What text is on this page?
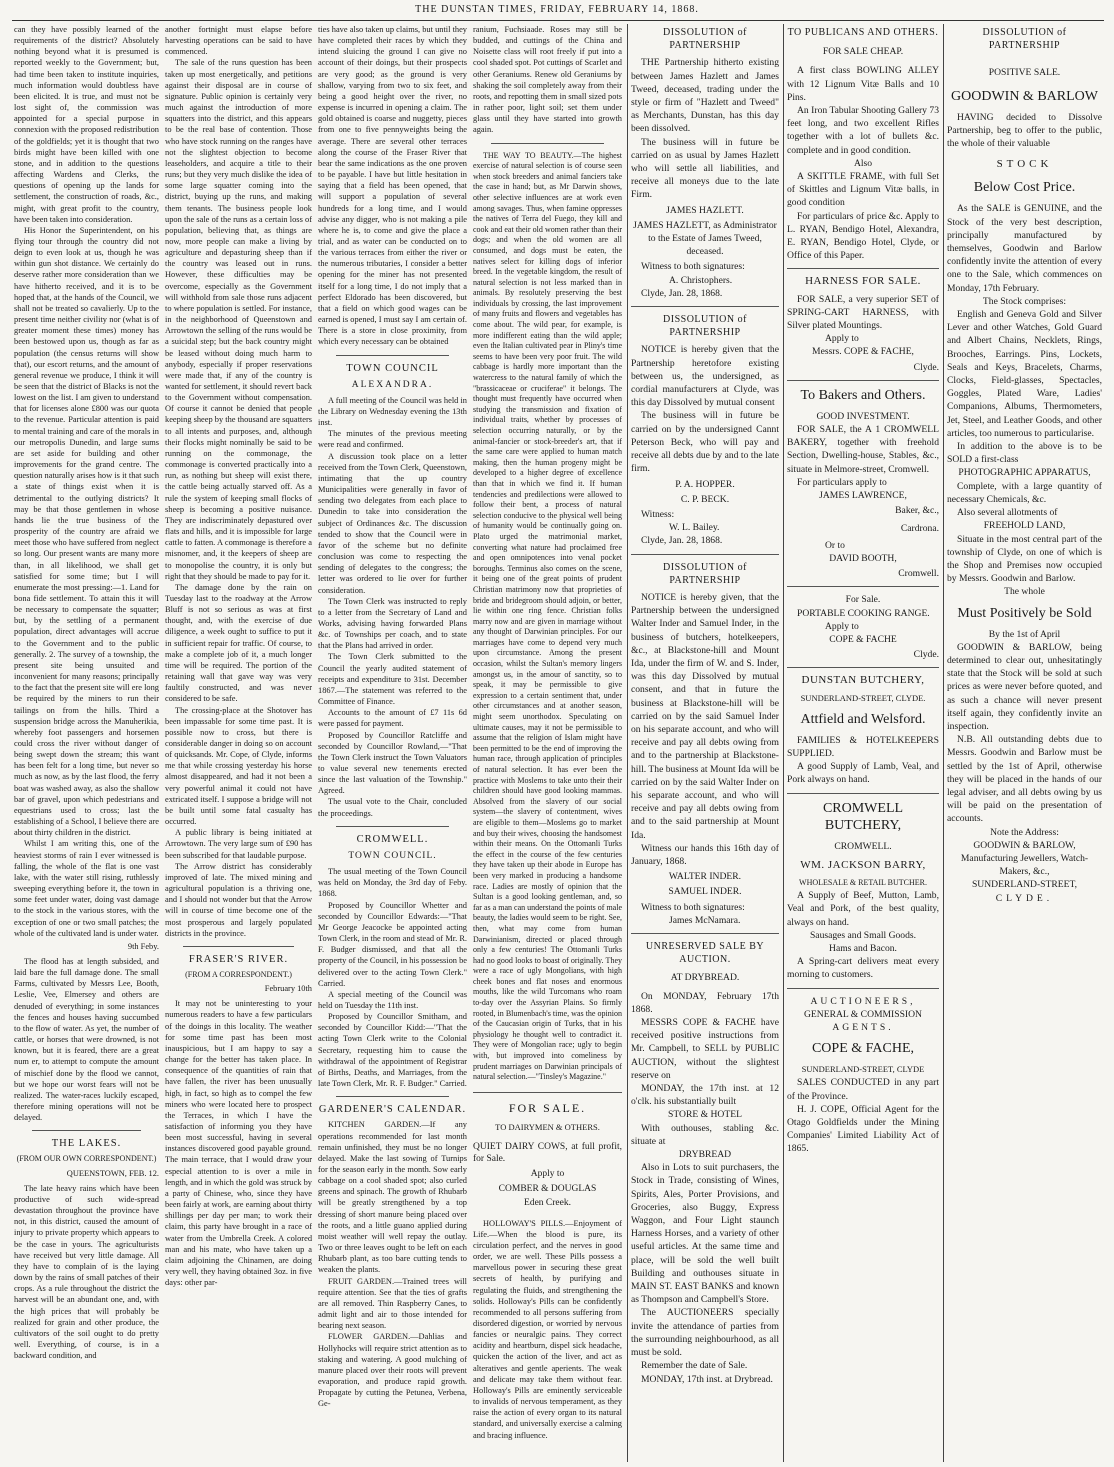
THE DUNSTAN TIMES, FRIDAY, FEBRUARY 14, 1868.

can they have possibly learned of the requirements of the district? Absolutely nothing beyond what it is presumed is reported weekly to the Government; but, had time been taken to institute inquiries, much information would doubtless have been elicited. It is true, and must not be lost sight of, the commission was appointed for a special purpose in connexion with the proposed redistribution of the goldfields; yet it is thought that two birds might have been killed with one stone, and in addition to the questions affecting Wardens and Clerks, the questions of opening up the lands for settlement, the construction of roads, &c., might, with great profit to the country, have been taken into consideration.

His Honor the Superintendent, on his flying tour through the country did not deign to even look at us, though he was within gun shot distance. We certainly do deserve rather more consideration than we have hitherto received, and it is to be hoped that, at the hands of the Council, we shall not be treated so cavalierly. Up to the present time neither civility nor (what is of greater moment these times) money has been bestowed upon us, though as far as population (the census returns will show that), our escort returns, and the amount of general revenue we produce, I think it will be seen that the district of Blacks is not the lowest on the list. I am given to understand that for licenses alone £800 was our quota to the revenue. Particular attention is paid to mental training and care of the morals in our metropolis Dunedin, and large sums are set aside for building and other improvements for the grand centre. The question naturally arises how is it that such a state of things exist when it is detrimental to the outlying districts? It may be that those gentlemen in whose hands lie the true business of the prosperity of the country are afraid we meet those who have suffered from neglect so long. Our present wants are many more than, in all likelihood, we shall get satisfied for some time; but I will enumerate the most pressing:—1. Land for bona fide settlement. To attain this it will be necessary to compensate the squatter; but, by the settling of a permanent population, direct advantages will accrue to the Government and to the public generally. 2. The survey of a township, the present site being unsuited and inconvenient for many reasons; principally to the fact that the present site will ere long be required by the miners to run their tailings on from the hills. Third a suspension bridge across the Manuherikia, whereby foot passengers and horsemen could cross the river without danger of being swept down the stream; this want has been felt for a long time, but never so much as now, as by the last flood, the ferry boat was washed away, as also the shallow bar of gravel, upon which pedestrians and equestrians used to cross; last the establishing of a School, I believe there are about thirty children in the district.

Whilst I am writing this, one of the heaviest storms of rain I ever witnessed is falling, the whole of the flat is one vast lake, with the water still rising, ruthlessly sweeping everything before it, the town in some feet under water, doing vast damage to the stock in the various stores, with the exception of one or two small patches; the whole of the cultivated land is under water.

9th Feby.

The flood has at length subsided, and laid bare the full damage done. The small Farms, cultivated by Messrs Lee, Booth, Leslie, Vee, Elmersey and others are denuded of everything; in some instances the fences and houses having succumbed to the flow of water. As yet, the number of cattle, or horses that were drowned, is not known, but it is feared, there are a great num er, to attempt to compute the amount of mischief done by the flood we cannot, but we hope our worst fears will not be realized. The water-races luckily escaped, therefore mining operations will not be delayed.

THE LAKES.
(FROM OUR OWN CORRESPONDENT.)
QUEENSTOWN, FEB. 12.

The late heavy rains which have been productive of such wide-spread devastation throughout the province have not, in this district, caused the amount of injury to private property which appears to be the case in yours. The agriculturists have received but very little damage. All they have to complain of is the laying down by the rains of small patches of their crops. As a rule throughout the district the harvest will be an abundant one, and, with the high prices that will probably be realized for grain and other produce, the cultivators of the soil ought to do pretty well. Everything, of course, is in a backward condition, and

another fortnight must elapse before harvesting operations can be said to have commenced.

The sale of the runs question has been taken up most energetically, and petitions against their disposal are in course of signature. Public opinion is certainly very much against the introduction of more squatters into the district, and this appears to be the real base of contention. Those who have stock running on the ranges have not the slightest objection to become leaseholders, and acquire a title to their runs; but they very much dislike the idea of some large squatter coming into the district, buying up the runs, and making them tenants. The business people look upon the sale of the runs as a certain loss of population, believing that, as things are now, more people can make a living by agriculture and depasturing sheep than if the country was leased out in runs. However, these difficulties may be overcome, especially as the Government will withhold from sale those runs adjacent to where population is settled. For instance, in the neighborhood of Queenstown and Arrowtown the selling of the runs would be a suicidal step; but the back country might be leased without doing much harm to anybody, especially if proper reservations were made that, if any of the country is wanted for settlement, it should revert back to the Government without compensation. Of course it cannot be denied that people keeping sheep by the thousand are squatters to all intents and purposes, and, although their flocks might nominally be said to be running on the commonage, the commonage is converted practically into a run, as nothing but sheep will exist there, the cattle being actually starved off. As a rule the system of keeping small flocks of sheep is becoming a positive nuisance. They are indiscriminately depastured over flats and hills, and it is impossible for large cattle to fatten. A commonage is therefore a misnomer, and, it the keepers of sheep are to monopolise the country, it is only but right that they should be made to pay for it.

The damage done by the rain on Tuesday last to the roadway at the Arrow Bluff is not so serious as was at first thought, and, with the exercise of due diligence, a week ought to suffice to put it in sufficient repair for traffic. Of course, to make a complete job of it, a much longer time will be required. The portion of the retaining wall that gave way was very faultily constructed, and was never considered to be safe.

The crossing-place at the Shotover has been impassable for some time past. It is possible now to cross, but there is considerable danger in doing so on account of quicksands. Mr. Cope, of Clyde, informs me that while crossing yesterday his horse almost disappeared, and had it not been a very powerful animal it could not have extricated itself. I suppose a bridge will not be built until some fatal casualty has occurred.

A public library is being initiated at Arrowtown. The very large sum of £90 has been subscribed for that laudable purpose.

The Arrow district has considerably improved of late. The mixed mining and agricultural population is a thriving one, and I should not wonder but that the Arrow will in course of time become one of the most prosperous and largely populated districts in the province.

FRASER'S RIVER.
(FROM A CORRESPONDENT.)
February 10th

It may not be uninteresting to your numerous readers to have a few particulars of the doings in this locality. The weather for some time past has been most inauspicious, but I am happy to say a change for the better has taken place. In consequence of the quantities of rain that have fallen, the river has been unusually high, in fact, so high as to compel the few miners who were located here to prospect the Terraces, in which I have the satisfaction of informing you they have been most successful, having in several instances discovered good payable ground. The main terrace, that I would draw your especial attention to is over a mile in length, and in which the gold was struck by a party of Chinese, who, since they have been fairly at work, are earning about thirty shillings per day per man; to work their claim, this party have brought in a race of water from the Umbrella Creek. A colored man and his mate, who have taken up a claim adjoining the Chinamen, are doing very well, they having obtained 3oz. in five days: other par-

ties have also taken up claims, but until they have completed their races by which they intend sluicing the ground I can give no account of their doings, but their prospects are very good; as the ground is very shallow, varying from two to six feet, and being a good height over the river, no expense is incurred in opening a claim. The gold obtained is coarse and nuggetty, pieces from one to five pennyweights being the average. There are several other terraces along the course of the Fraser River that bear the same indications as the one proven to be payable. I have but little hesitation in saying that a field has been opened, that will support a population of several hundreds for a long time, and I would advise any digger, who is not making a pile where he is, to come and give the place a trial, and as water can be conducted on to the various terraces from either the river or the numerous tributaries, I consider a better opening for the miner has not presented itself for a long time, I do not imply that a perfect Eldorado has been discovered, but that a field on which good wages can be earned is opened, I must say I am certain of. There is a store in close proximity, from which every necessary can be obtained

TOWN COUNCIL
ALEXANDRA.

A full meeting of the Council was held in the Library on Wednesday evening the 13th inst.

The minutes of the previous meeting were read and confirmed.

A discussion took place on a letter received from the Town Clerk, Queenstown, intimating that the up country Municipalities were generally in favor of sending two delegates from each place to Dunedin to take into consideration the subject of Ordinances &c. The discussion tended to show that the Council were in favor of the scheme but no definite conclusion was come to respecting the sending of delegates to the congress; the letter was ordered to lie over for further consideration.

The Town Clerk was instructed to reply to a letter from the Secretary of Land and Works, advising having forwarded Plans &c. of Townships per coach, and to state that the Plans had arrived in order.

The Town Clerk submitted to the Council the yearly audited statement of receipts and expenditure to 31st. December 1867.—The statement was referred to the Committee of Finance.

Accounts to the amount of £7 11s 6d were passed for payment.

Proposed by Councillor Ratcliffe and seconded by Councillor Rowland,—"That the Town Clerk instruct the Town Valuators to value several new tenements erected since the last valuation of the Township." Agreed.

The usual vote to the Chair, concluded the proceedings.

CROMWELL.
TOWN COUNCIL.

The usual meeting of the Town Council was held on Monday, the 3rd day of Feby. 1868.

Proposed by Councillor Whetter and seconded by Councillor Edwards:—"That Mr George Jeacocke be appointed acting Town Clerk, in the room and stead of Mr. R. F. Budger dismissed, and that all the property of the Council, in his possession be delivered over to the acting Town Clerk." Carried.

A special meeting of the Council was held on Tuesday the 11th inst.

Proposed by Councillor Smitham, and seconded by Councillor Kidd:—"That the acting Town Clerk write to the Colonial Secretary, requesting him to cause the withdrawal of the appointment of Registrar of Births, Deaths, and Marriages, from the late Town Clerk, Mr. R. F. Budger." Carried.

GARDENER'S CALENDAR.

KITCHEN GARDEN.—If any operations recommended for last month remain unfinished, they must be no longer delayed. Make the last sowing of Turnips for the season early in the month. Sow early cabbage on a cool shaded spot; also curled greens and spinach. The growth of Rhubarb will be greatly strengthened by a top dressing of short manure being placed over the roots, and a little guano applied during moist weather will well repay the outlay. Two or three leaves ought to be left on each Rhubarb plant, as too bare cutting tends to weaken the plants.

FRUIT GARDEN.—Trained trees will require attention. See that the ties of grafts are all removed. Thin Raspberry Canes, to admit light and air to those intended for bearing next season.

FLOWER GARDEN.—Dahlias and Hollyhocks will require strict attention as to staking and watering. A good mulching of manure placed over their roots will prevent evaporation, and produce rapid growth. Propagate by cutting the Petunea, Verbena, Ge-

ranium, Fuchsiaade. Roses may still be budded, and cuttings of the China and Noisette class will root freely if put into a cool shaded spot. Pot cuttings of Scarlet and other Geraniums. Renew old Geraniums by shaking the soil completely away from their roots, and repotting them in small sized pots in rather poor, light soil; set them under glass until they have started into growth again.

THE WAY TO BEAUTY.—The highest exercise of natural selection is of course seen when stock breeders and animal fanciers take the case in hand; but, as Mr Darwin shows, other selective influences are at work even among savages. Thus, when famine oppresses the natives of Terra del Fuego, they kill and cook and eat their old women rather than their dogs; and when the old women are all consumed, and dogs must be eaten, the natives select for killing dogs of inferior breed. In the vegetable kingdom, the result of natural selection is not less marked than in animals. By resolutely preserving the best individuals by crossing, the last improvement of many fruits and flowers and vegetables has come about. The wild pear, for example, is more indifferent eating than the wild apple; even the Italian cultivated pear in Pliny's time seems to have been very poor fruit. The wild cabbage is hardly more important than the watercress to the natural family of which the "brassicaceae or cruciferae" it belongs. The thought must frequently have occurred when studying the transmission and fixation of individual traits, whether by processes of selection occurring naturally, or by the animal-fancier or stock-breeder's art, that if the same care were applied to human match making, then the human progeny might be developed to a higher degree of excellence than that in which we find it. If human tendencies and predilections were allowed to follow their bent, a process of natural selection conducive to the physical well being of humanity would be continually going on. Plato urged the matrimonial market, converting what nature had proclaimed free and open omnipotences into venal pocket boroughs. Terminus also comes on the scene, it being one of the great points of prudent Christian matrimony now that proprieties of bride and bridegroom should adjoin, or better, lie within one ring fence. Christian folks marry now and are given in marriage without any thought of Darwinian principles. For our marriages have come to depend very much upon circumstance. Among the present occasion, whilst the Sultan's memory lingers amongst us, in the amour of sanctity, so to speak, it may be permissible to give expression to a certain sentiment that, under other circumstances and at another season, might seem unorthodox. Speculating on ultimate causes, may it not be permissible to assume that the religion of Islam might have been permitted to be the end of improving the human race, through application of principles of natural selection. It has ever been the practice with Moslems to take unto their their children should have good looking mammas. Absolved from the slavery of our social system—the slavery of contentment, wives are eligible to them—Moslems go to market and buy their wives, choosing the handsomest within their means. On the Ottomanli Turks the effect in the course of the few centuries they have taken up their abode in Europe has been very marked in producing a handsome race. Ladies are mostly of opinion that the Sultan is a good looking gentleman, and, so far as a man can understand the points of male beauty, the ladies would seem to be right. See, then, what may come from human Darwinianism, directed or placed through only a few centuries! The Ottomanli Turks had no good looks to boast of originally. They were a race of ugly Mongolians, with high cheek bones and flat noses and enormous mouths, like the wild Turcomans who roam to-day over the Assyrian Plains. So firmly rooted, in Blumenbach's time, was the opinion of the Caucasian origin of Turks, that in his physiology he thought well to contradict it. They were of Mongolian race; ugly to begin with, but improved into comeliness by prudent marriages on Darwinian principals of natural selection.—"Tinsley's Magazine."

FOR SALE.
TO DAIRYMEN & OTHERS.

QUIET DAIRY COWS, at full profit, for Sale.

Apply to
COMBER & DOUGLAS
Eden Creek.

HOLLOWAY'S PILLS.—Enjoyment of Life.—When the blood is pure, its circulation perfect, and the nerves in good order, we are well. These Pills possess a marvellous power in securing these great secrets of health, by purifying and regulating the fluids, and strengthening the solids. Holloway's Pills can be confidently recommended to all persons suffering from disordered digestion, or worried by nervous fancies or neuralgic pains. They correct acidity and heartburn, dispel sick headache, quicken the action of the liver, and act as alteratives and gentle aperients. The weak and delicate may take them without fear. Holloway's Pills are eminently serviceable to invalids of nervous temperament, as they raise the action of every organ to its natural standard, and universally exercise a calming and bracing influence.

DISSOLUTION of PARTNERSHIP

THE Partnership hitherto existing between James Hazlett and James Tweed, deceased, trading under the style or firm of "Hazlett and Tweed" as Merchants, Dunstan, has this day been dissolved.

The business will in future be carried on as usual by James Hazlett who will settle all liabilities, and receive all moneys due to the late Firm.

JAMES HAZLETT.
JAMES HAZLETT, as Administrator to the Estate of James Tweed, deceased.

Witness to both signatures:

A. Christophers.

Clyde, Jan. 28, 1868.

DISSOLUTION of PARTNERSHIP

NOTICE is hereby given that the Partnership heretofore existing between us, the undersigned, as cordial manufacturers at Clyde, was this day Dissolved by mutual consent

The business will in future be carried on by the undersigned Cannt Peterson Beck, who will pay and receive all debts due by and to the late firm.

P. A. HOPPER.
C. P. BECK.

Witness:

W. L. Bailey.

Clyde, Jan. 28, 1868.

DISSOLUTION of PARTNERSHIP

NOTICE is hereby given, that the Partnership between the undersigned Walter Inder and Samuel Inder, in the business of butchers, hotelkeepers, &c., at Blackstone-hill and Mount Ida, under the firm of W. and S. Inder, was this day Dissolved by mutual consent, and that in future the business at Blackstone-hill will be carried on by the said Samuel Inder on his separate account, and who will receive and pay all debts owing from and to the partnership at Blackstone-hill. The business at Mount Ida will be carried on by the said Walter Inder on his separate account, and who will receive and pay all debts owing from and to the said partnership at Mount Ida.

Witness our hands this 16th day of January, 1868.

WALTER INDER.
SAMUEL INDER.

Witness to both signatures:

James McNamara.

UNRESERVED SALE BY AUCTION.
AT DRYBREAD.

On MONDAY, February 17th 1868.

MESSRS COPE & FACHE have received positive instructions from Mr. Campbell, to SELL by PUBLIC AUCTION, without the slightest reserve on

MONDAY, the 17th inst. at 12 o'clk. his substantially built

STORE & HOTEL

With outhouses, stabling &c. situate at

DRYBREAD

Also in Lots to suit purchasers, the Stock in Trade, consisting of Wines, Spirits, Ales, Porter Provisions, and Groceries, also Buggy, Express Waggon, and Four Light staunch Harness Horses, and a variety of other useful articles. At the same time and place, will be sold the well built Building and outhouses situate in MAIN ST. EAST BANKS and known as Thompson and Campbell's Store.

The AUCTIONEERS specially invite the attendance of parties from the surrounding neighbourhood, as all must be sold.

Remember the date of Sale.

MONDAY, 17th inst. at Drybread.

TO PUBLICANS AND OTHERS.
FOR SALE CHEAP.

A first class BOWLING ALLEY with 12 Lignum Vitæ Balls and 10 Pins.

An Iron Tabular Shooting Gallery 73 feet long, and two excellent Rifles together with a lot of bullets &c. complete and in good condition.

Also

A SKITTLE FRAME, with full Set of Skittles and Lignum Vitæ balls, in good condition

For particulars of price &c. Apply to L. RYAN, Bendigo Hotel, Alexandra, E. RYAN, Bendigo Hotel, Clyde, or Office of this Paper.

HARNESS FOR SALE.

FOR SALE, a very superior SET of SPRING-CART HARNESS, with Silver plated Mountings.

Apply to

Messrs. COPE & FACHE,
Clyde.
To Bakers and Others.
GOOD INVESTMENT.

FOR SALE, the A 1 CROMWELL BAKERY, together with freehold Section, Dwelling-house, Stables, &c., situate in Melmore-street, Cromwell.

For particulars apply to

JAMES LAWRENCE,
Baker, &c.,
Cardrona.

Or to

DAVID BOOTH,
Cromwell.
For Sale.

PORTABLE COOKING RANGE.

Apply to

COPE & FACHE
Clyde.
DUNSTAN BUTCHERY,
SUNDERLAND-STREET, CLYDE.
Attfield and Welsford.

FAMILIES & HOTELKEEPERS SUPPLIED.

A good Supply of Lamb, Veal, and Pork always on hand.

CROMWELL BUTCHERY,
CROMWELL.
WM. JACKSON BARRY,
WHOLESALE & RETAIL BUTCHER.

A Supply of Beef, Mutton, Lamb, Veal and Pork, of the best quality, always on hand.

Sausages and Small Goods.
Hams and Bacon.

A Spring-cart delivers meat every morning to customers.

AUCTIONEERS,
GENERAL & COMMISSION
AGENTS.
COPE & FACHE,
SUNDERLAND-STREET, CLYDE

SALES CONDUCTED in any part of the Province.

H. J. COPE, Official Agent for the Otago Goldfields under the Mining Companies' Limited Liability Act of 1865.

DISSOLUTION of PARTNERSHIP
POSITIVE SALE.
GOODWIN & BARLOW

HAVING decided to Dissolve Partnership, beg to offer to the public, the whole of their valuable

STOCK
Below Cost Price.

As the SALE is GENUINE, and the Stock of the very best description, principally manufactured by themselves, Goodwin and Barlow confidently invite the attention of every one to the Sale, which commences on Monday, 17th February.

The Stock comprises:

English and Geneva Gold and Silver Lever and other Watches, Gold Guard and Albert Chains, Necklets, Rings, Brooches, Earrings. Pins, Lockets, Seals and Keys, Bracelets, Charms, Clocks, Field-glasses, Spectacles, Goggles, Plated Ware, Ladies' Companions, Albums, Thermometers, Jet, Steel, and Leather Goods, and other articles, too numerous to particularise.

In addition to the above is to be SOLD a first-class

PHOTOGRAPHIC APPARATUS,

Complete, with a large quantity of necessary Chemicals, &c.

Also several allotments of

FREEHOLD LAND,

Situate in the most central part of the township of Clyde, on one of which is the Shop and Premises now occupied by Messrs. Goodwin and Barlow.

The whole
Must Positively be Sold
By the 1st of April

GOODWIN & BARLOW, being determined to clear out, unhesitatingly state that the Stock will be sold at such prices as were never before quoted, and as such a chance will never present itself again, they confidently invite an inspection.

N.B. All outstanding debts due to Messrs. Goodwin and Barlow must be settled by the 1st of April, otherwise they will be placed in the hands of our legal adviser, and all debts owing by us will be paid on the presentation of accounts.

Note the Address:
GOODWIN & BARLOW,
Manufacturing Jewellers, Watch-Makers, &c.,
SUNDERLAND-STREET,
CLYDE.
